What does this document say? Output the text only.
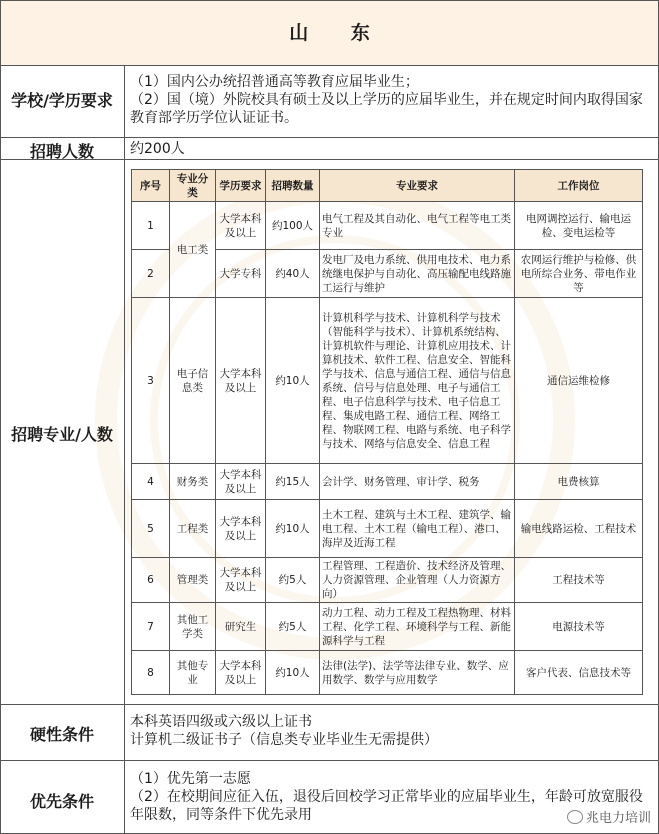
山 东
学校/学历要求
（1）国内公办统招普通高等教育应届毕业生；
（2）国（境）外院校具有硕士及以上学历的应届毕业生，并在规定时间内取得国家教育部学历学位认证证书。
招聘人数	约200人
招聘专业/人数
序号	专业分类	学历要求	招聘数量	专业要求	工作岗位
1	电工类	大学本科及以上	约100人	电气工程及其自动化、电气工程等电工类专业	电网调控运行、输电运检、变电运检等
2		大学专科	约40人	发电厂及电力系统、供用电技术、电力系统继电保护与自动化、高压输配电线路施工运行与维护	农网运行维护与检修、供电所综合业务、带电作业等
3	电子信息类	大学本科及以上	约10人	计算机科学与技术、计算机科学与技术（智能科学与技术）、计算机系统结构、计算机软件与理论、计算机应用技术、计算机技术、软件工程、信息安全、智能科学与技术、信息与通信工程、通信与信息系统、信号与信息处理、电子与通信工程、电子信息科学与技术、电子信息工程、集成电路工程、通信工程、网络工程、物联网工程、电路与系统、电子科学与技术、网络与信息安全、信息工程	通信运维检修
4	财务类	大学本科及以上	约15人	会计学、财务管理、审计学、税务	电费核算
5	工程类	大学本科及以上	约10人	土木工程、建筑与土木工程、建筑学、输电工程、土木工程（输电工程）、港口、海岸及近海工程	输电线路运检、工程技术
6	管理类	大学本科及以上	约5人	工程管理、工程造价、技术经济及管理、人力资源管理、企业管理（人力资源方向）	工程技术等
7	其他工学类	研究生	约5人	动力工程、动力工程及工程热物理、材料工程、化学工程、环境科学与工程、新能源科学与工程	电源技术等
8	其他专业	大学本科及以上	约10人	法律(法学)、法学等法律专业、数学、应用数学、数学与应用数学	客户代表、信息技术等
硬性条件
本科英语四级或六级以上证书
计算机二级证书子（信息类专业毕业生无需提供）
优先条件
（1）优先第一志愿
（2）在校期间应征入伍，退役后回校学习正常毕业的应届毕业生，年龄可放宽服役年限数，同等条件下优先录用	兆电力培训
